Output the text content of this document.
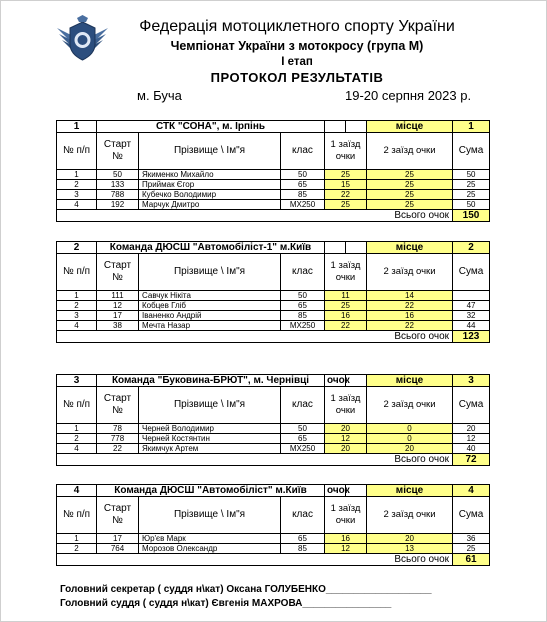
Федерація мотоциклетного спорту України
Чемпіонат України з мотокросу (група М)
І етап
ПРОТОКОЛ РЕЗУЛЬТАТІВ
м. Буча	19-20 серпня 2023 р.
1	СТК "СОНА", м. Ірпінь					місце	1
№ п/п	Старт №	Прізвище \ Ім"я	клас	1 заїзд очки		2 заїзд очки	Сума
1	50	Якименко Михайло	50	25		25	50
2	133	Приймак Єгор	65	15		25	25
3	788	Кубечко Володимир	85	22		25	25
4	192	Марчук Дмитро	MX250	25		25	50
Всього очок							150
2	Команда ДЮСШ "Автомобіліст-1" м.Київ					місце	2
№ п/п	Старт №	Прізвище \ Ім"я	клас	1 заїзд очки		2 заїзд очки	Сума
1	111	Савчук Нікіта	50	11		14	
2	12	Кобцев Гліб	65	25		22	47
3	17	Іваненко Андрій	85	16		16	32
4	38	Мечта Назар	MX250	22		22	44
Всього очок							123
3	Команда "Буковина-БРЮТ", м. Чернівці			очок		місце	3
№ п/п	Старт №	Прізвище \ Ім"я	клас	1 заїзд очки		2 заїзд очки	Сума
1	78	Черней Володимир	50	20		0	20
2	778	Черней Костянтин	65	12		0	12
4	22	Якимчук Артем	MX250	20		20	40
Всього очок							72
4	Команда ДЮСШ "Автомобіліст" м.Київ			очок		місце	4
№ п/п	Старт №	Прізвище \ Ім"я	клас	1 заїзд очки		2 заїзд очки	Сума
1	17	Юр'єв Марк	65	16		20	36
2	764	Морозов Олександр	85	12		13	25
Всього очок							61
Головний секретар ( суддя н\кат) Оксана ГОЛУБЕНКО___________________
Головний суддя ( суддя н\кат) Євгенія МАХРОВА________________
